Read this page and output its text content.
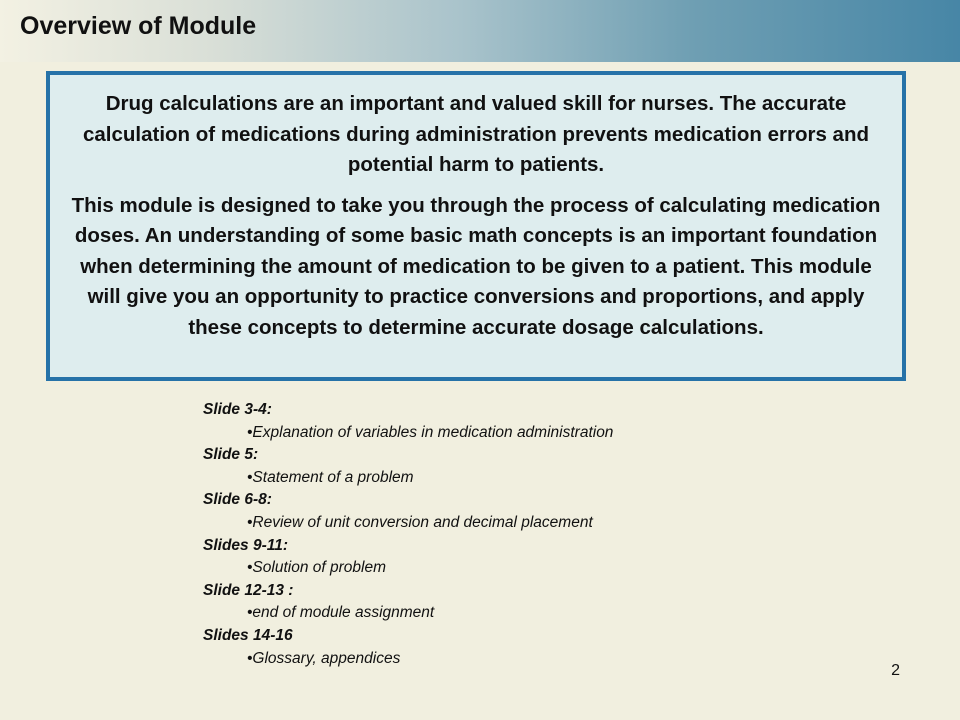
Overview of Module

Drug calculations are an important and valued skill for nurses. The accurate calculation of medications during administration prevents medication errors and potential harm to patients.

This module is designed to take you through the process of calculating medication doses. An understanding of some basic math concepts is an important foundation when determining the amount of medication to be given to a patient. This module will give you an opportunity to practice conversions and proportions, and apply these concepts to determine accurate dosage calculations.

Slide 3-4:
•Explanation of variables in medication administration
Slide 5:
•Statement of a problem
Slide 6-8:
•Review of unit conversion and decimal placement
Slides 9-11:
•Solution of problem
Slide 12-13 :
•end of module assignment
Slides 14-16
•Glossary, appendices
2
